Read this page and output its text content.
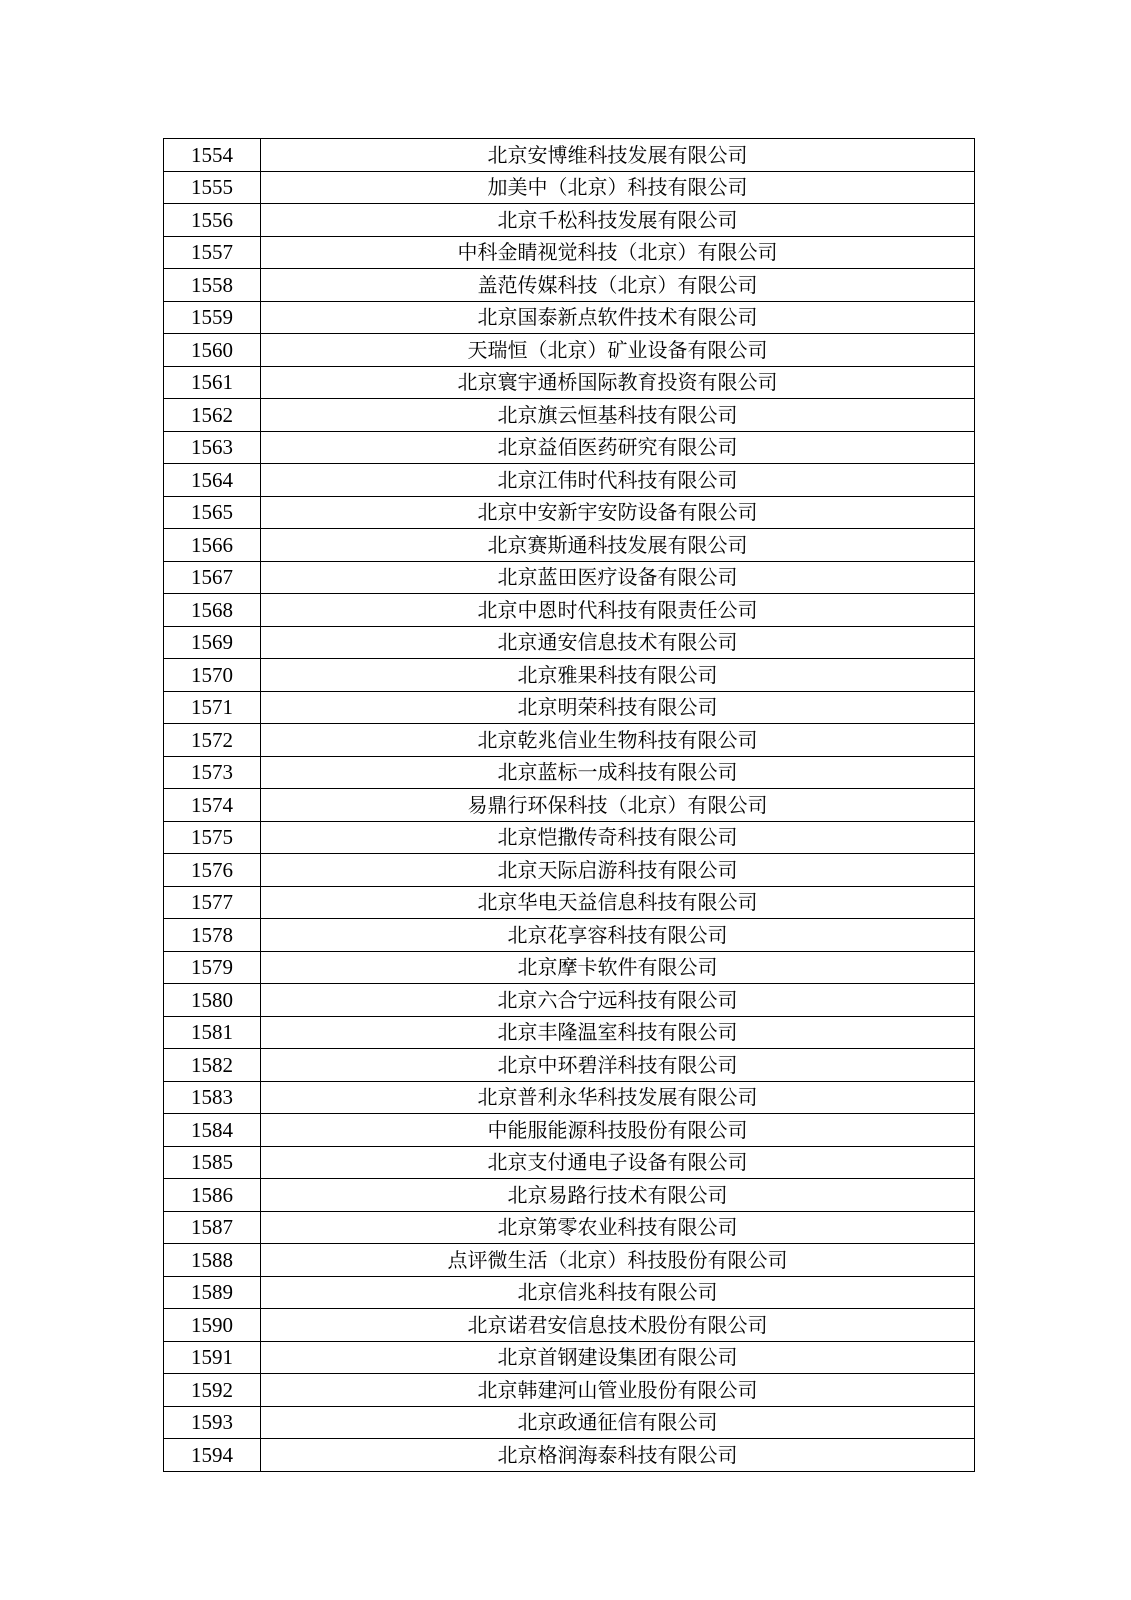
1554	北京安博维科技发展有限公司
1555	加美中（北京）科技有限公司
1556	北京千松科技发展有限公司
1557	中科金睛视觉科技（北京）有限公司
1558	盖范传媒科技（北京）有限公司
1559	北京国泰新点软件技术有限公司
1560	天瑞恒（北京）矿业设备有限公司
1561	北京寰宇通桥国际教育投资有限公司
1562	北京旗云恒基科技有限公司
1563	北京益佰医药研究有限公司
1564	北京江伟时代科技有限公司
1565	北京中安新宇安防设备有限公司
1566	北京赛斯通科技发展有限公司
1567	北京蓝田医疗设备有限公司
1568	北京中恩时代科技有限责任公司
1569	北京通安信息技术有限公司
1570	北京雅果科技有限公司
1571	北京明荣科技有限公司
1572	北京乾兆信业生物科技有限公司
1573	北京蓝标一成科技有限公司
1574	易鼎行环保科技（北京）有限公司
1575	北京恺撒传奇科技有限公司
1576	北京天际启游科技有限公司
1577	北京华电天益信息科技有限公司
1578	北京花享容科技有限公司
1579	北京摩卡软件有限公司
1580	北京六合宁远科技有限公司
1581	北京丰隆温室科技有限公司
1582	北京中环碧洋科技有限公司
1583	北京普利永华科技发展有限公司
1584	中能服能源科技股份有限公司
1585	北京支付通电子设备有限公司
1586	北京易路行技术有限公司
1587	北京第零农业科技有限公司
1588	点评微生活（北京）科技股份有限公司
1589	北京信兆科技有限公司
1590	北京诺君安信息技术股份有限公司
1591	北京首钢建设集团有限公司
1592	北京韩建河山管业股份有限公司
1593	北京政通征信有限公司
1594	北京格润海泰科技有限公司
